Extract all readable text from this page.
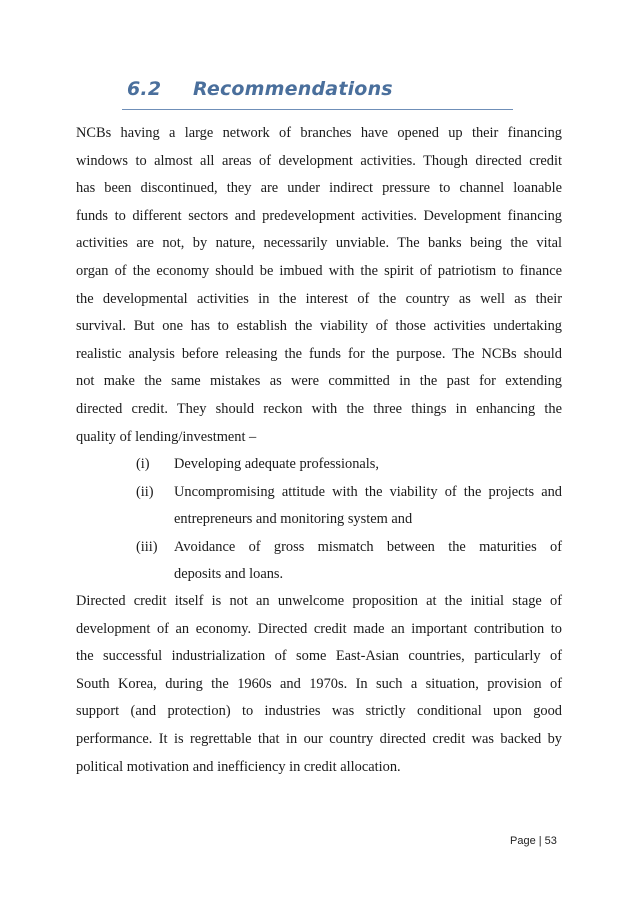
6.2 Recommendations
NCBs having a large network of branches have opened up their financing
windows to almost all areas of development activities. Though directed credit
has been discontinued, they are under indirect pressure to channel loanable
funds to different sectors and predevelopment activities. Development financing
activities are not, by nature, necessarily unviable. The banks being the vital
organ of the economy should be imbued with the spirit of patriotism to finance
the developmental activities in the interest of the country as well as their
survival. But one has to establish the viability of those activities undertaking
realistic analysis before releasing the funds for the purpose. The NCBs should
not make the same mistakes as were committed in the past for extending
directed credit. They should reckon with the three things in enhancing the
quality of lending/investment –
(i) Developing adequate professionals,
(ii) Uncompromising attitude with the viability of the projects and
entrepreneurs and monitoring system and
(iii) Avoidance of gross mismatch between the maturities of
deposits and loans.
Directed credit itself is not an unwelcome proposition at the initial stage of
development of an economy. Directed credit made an important contribution to
the successful industrialization of some East-Asian countries, particularly of
South Korea, during the 1960s and 1970s. In such a situation, provision of
support (and protection) to industries was strictly conditional upon good
performance. It is regrettable that in our country directed credit was backed by
political motivation and inefficiency in credit allocation.
Page | 53
